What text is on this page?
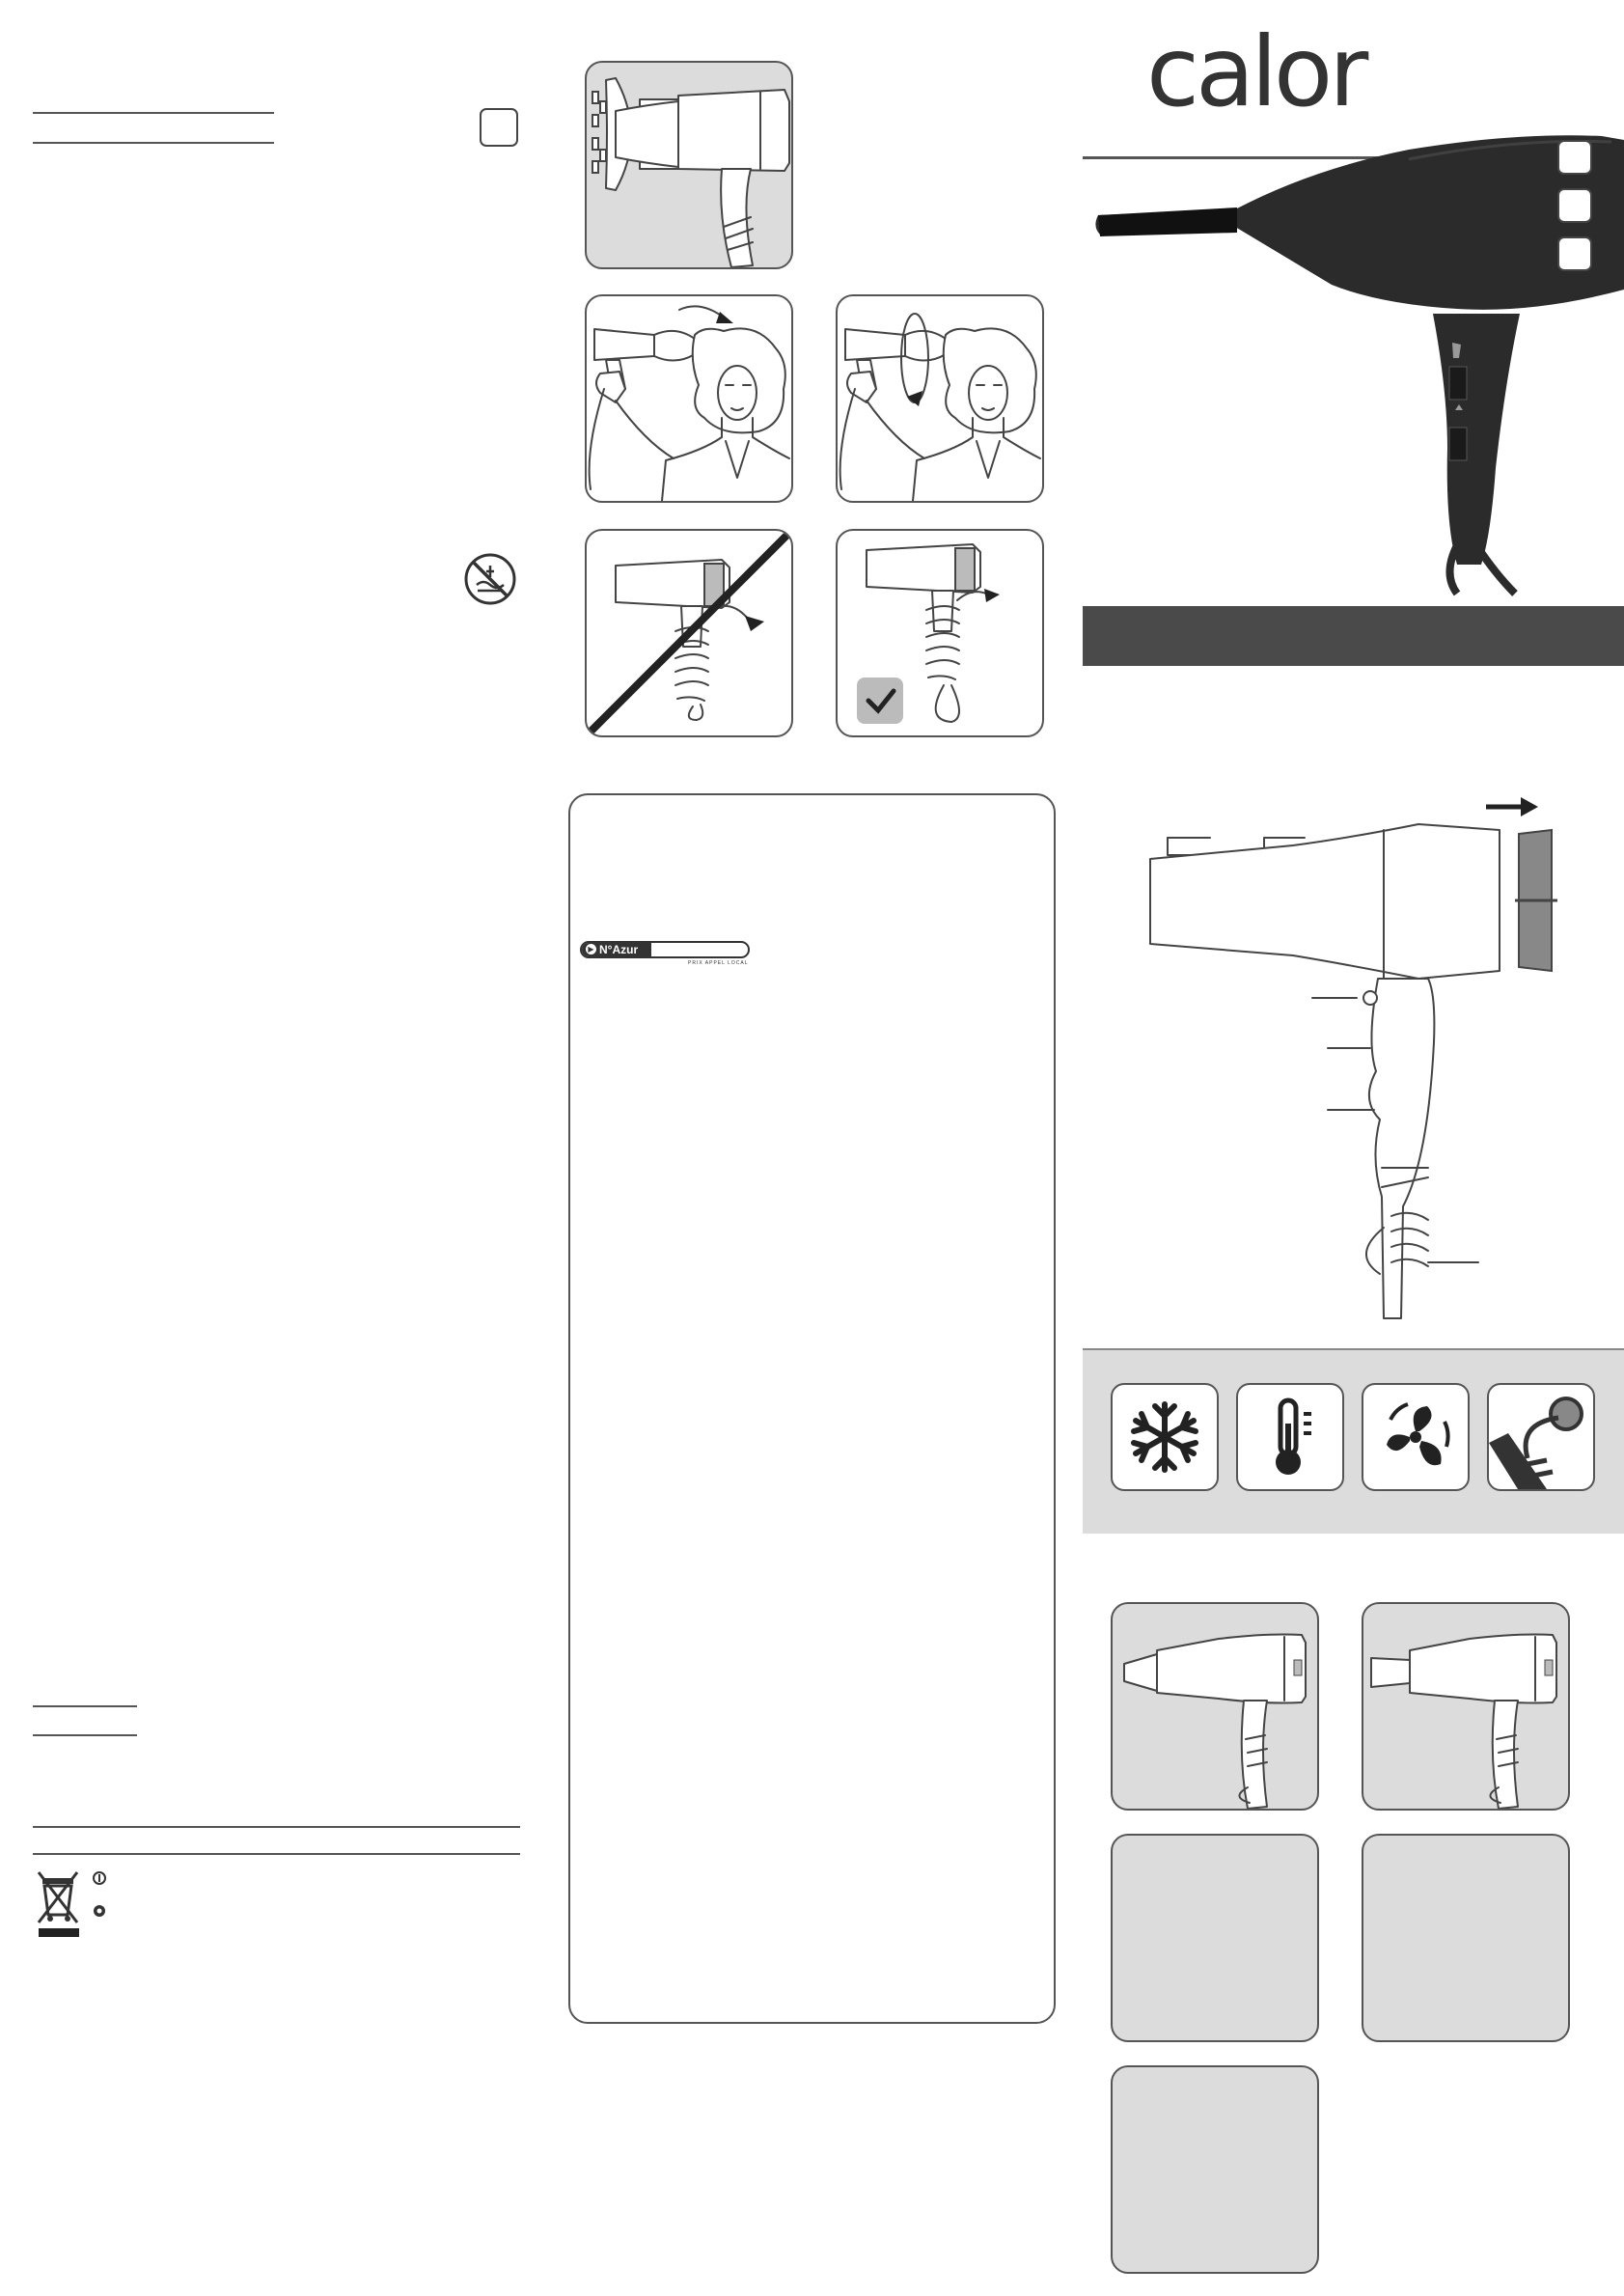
▶ N°Azur
PRIX APPEL LOCAL
calor
